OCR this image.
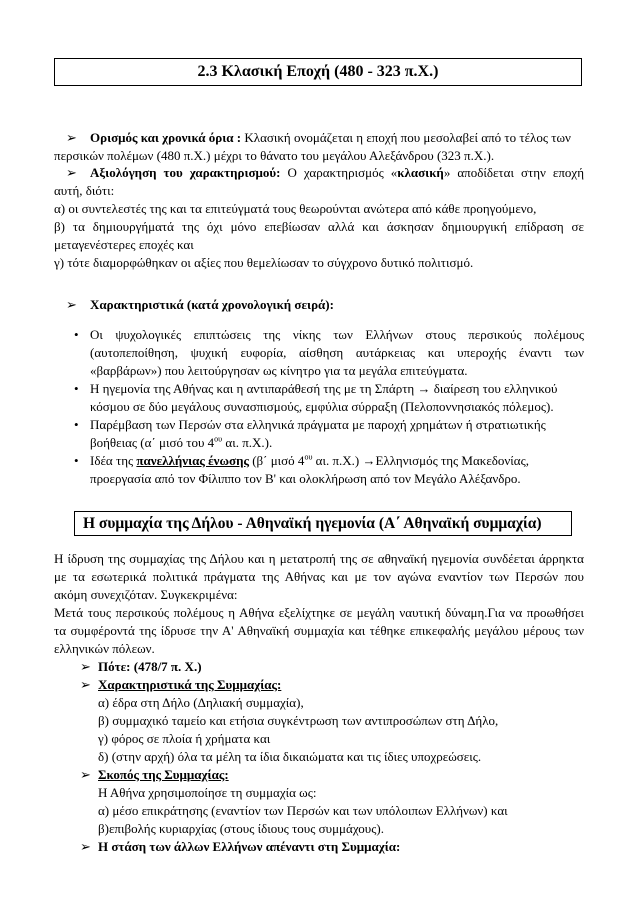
2.3 Κλασική Εποχή (480 - 323 π.Χ.)
➢ Ορισμός και χρονικά όρια : Κλασική ονομάζεται η εποχή που μεσολαβεί από το τέλος των
περσικών πολέμων (480 π.Χ.) μέχρι το θάνατο του μεγάλου Αλεξάνδρου (323 π.Χ.).
➢ Αξιολόγηση του χαρακτηρισμού: Ο χαρακτηρισμός «κλασική» αποδίδεται στην εποχή
αυτή, διότι:
α) οι συντελεστές της και τα επιτεύγματά τους θεωρούνται ανώτερα από κάθε προηγούμενο,
β) τα δημιουργήματά της όχι μόνο επεβίωσαν αλλά και άσκησαν δημιουργική επίδραση σε
μεταγενέστερες εποχές και
γ) τότε διαμορφώθηκαν οι αξίες που θεμελίωσαν το σύγχρονο δυτικό πολιτισμό.
➢ Χαρακτηριστικά (κατά χρονολογική σειρά):
• Οι ψυχολογικές επιπτώσεις της νίκης των Ελλήνων στους περσικούς πολέμους
(αυτοπεποίθηση, ψυχική ευφορία, αίσθηση αυτάρκειας και υπεροχής έναντι των
«βαρβάρων») που λειτούργησαν ως κίνητρο για τα μεγάλα επιτεύγματα.
• Η ηγεμονία της Αθήνας και η αντιπαράθεσή της με τη Σπάρτη → διαίρεση του ελληνικού
κόσμου σε δύο μεγάλους συνασπισμούς, εμφύλια σύρραξη (Πελοποννησιακός πόλεμος).
• Παρέμβαση των Περσών στα ελληνικά πράγματα με παροχή χρημάτων ή στρατιωτικής
βοήθειας (α΄ μισό του $4^{o\upsilon}$ αι. π.Χ.).
• Ιδέα της πανελλήνιας ένωσης (β΄ μισό $4^{o\upsilon}$ αι. π.Χ.) →Ελληνισμός της Μακεδονίας,
προεργασία από τον Φίλιππο τον Β' και ολοκλήρωση από τον Μεγάλο Αλέξανδρο.
Η συμμαχία της Δήλου - Αθηναϊκή ηγεμονία (Α΄ Αθηναϊκή συμμαχία)
Η ίδρυση της συμμαχίας της Δήλου και η μετατροπή της σε αθηναϊκή ηγεμονία συνδέεται άρρηκτα
με τα εσωτερικά πολιτικά πράγματα της Αθήνας και με τον αγώνα εναντίον των Περσών που
ακόμη συνεχιζόταν. Συγκεκριμένα:
Μετά τους περσικούς πολέμους η Αθήνα εξελίχτηκε σε μεγάλη ναυτική δύναμη.Για να προωθήσει
τα συμφέροντά της ίδρυσε την Α' Αθηναϊκή συμμαχία και τέθηκε επικεφαλής μεγάλου μέρους των
ελληνικών πόλεων.
➢ Πότε: (478/7 π. Χ.)
➢ Χαρακτηριστικά της Συμμαχίας:
α) έδρα στη Δήλο (Δηλιακή συμμαχία),
β) συμμαχικό ταμείο και ετήσια συγκέντρωση των αντιπροσώπων στη Δήλο,
γ) φόρος σε πλοία ή χρήματα και
δ) (στην αρχή) όλα τα μέλη τα ίδια δικαιώματα και τις ίδιες υποχρεώσεις.
➢ Σκοπός της Συμμαχίας:
Η Αθήνα χρησιμοποίησε τη συμμαχία ως:
α) μέσο επικράτησης (εναντίον των Περσών και των υπόλοιπων Ελλήνων) και
β)επιβολής κυριαρχίας (στους ίδιους τους συμμάχους).
➢ Η στάση των άλλων Ελλήνων απέναντι στη Συμμαχία:
